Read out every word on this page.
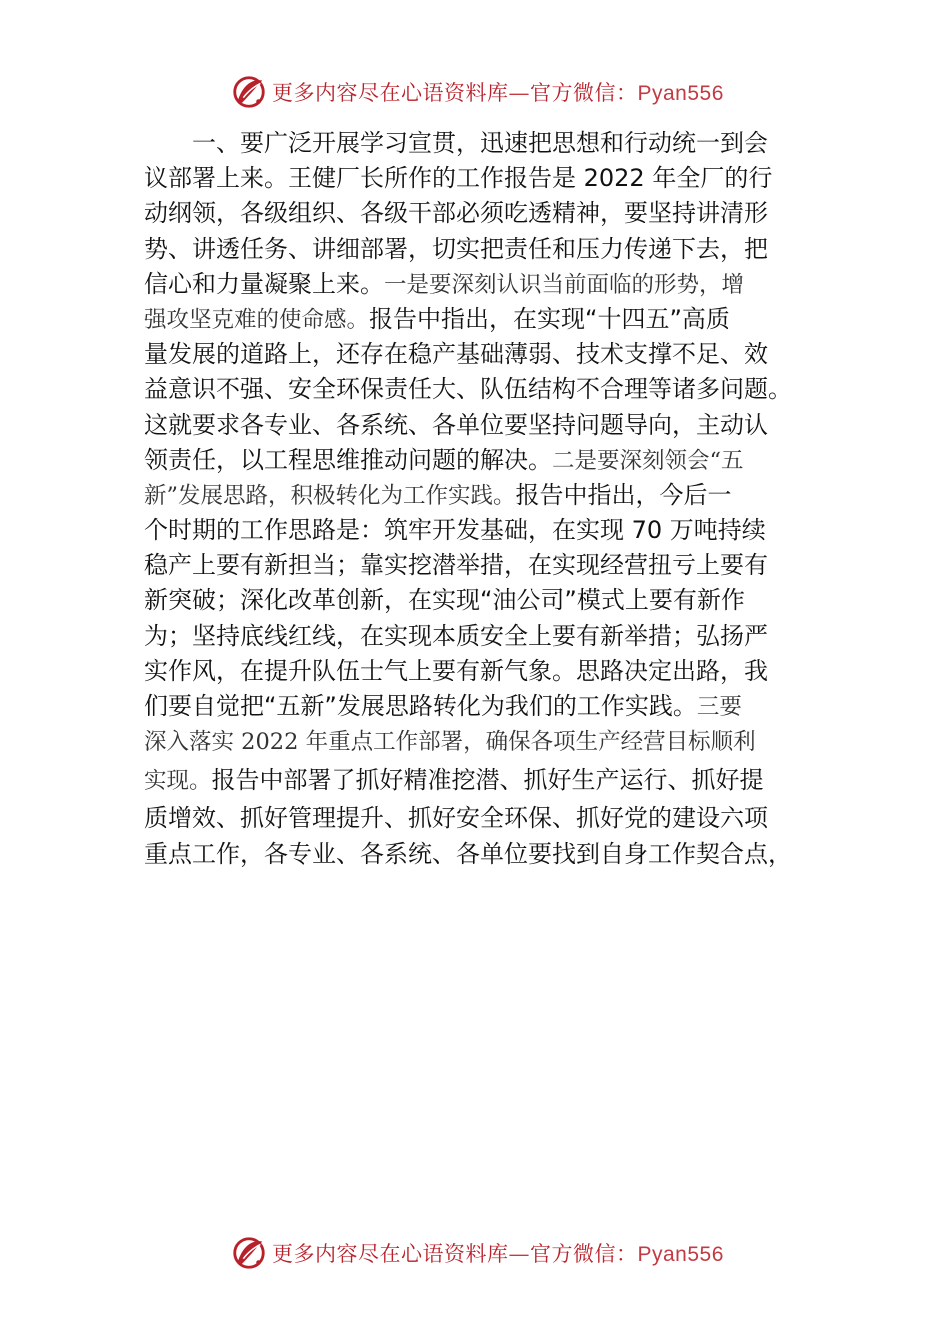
更多内容尽在心语资料库—官方微信：Pyan556
一、要广泛开展学习宣贯，迅速把思想和行动统一到会
议部署上来。王健厂长所作的工作报告是 2022 年全厂的行
动纲领，各级组织、各级干部必须吃透精神，要坚持讲清形
势、讲透任务、讲细部署，切实把责任和压力传递下去，把
信心和力量凝聚上来。一是要深刻认识当前面临的形势，增
强攻坚克难的使命感。报告中指出，在实现“十四五”高质
量发展的道路上，还存在稳产基础薄弱、技术支撑不足、效
益意识不强、安全环保责任大、队伍结构不合理等诸多问题。
这就要求各专业、各系统、各单位要坚持问题导向，主动认
领责任，以工程思维推动问题的解决。二是要深刻领会“五
新”发展思路，积极转化为工作实践。报告中指出，今后一
个时期的工作思路是：筑牢开发基础，在实现 70 万吨持续
稳产上要有新担当；靠实挖潜举措，在实现经营扭亏上要有
新突破；深化改革创新，在实现“油公司”模式上要有新作
为；坚持底线红线，在实现本质安全上要有新举措；弘扬严
实作风，在提升队伍士气上要有新气象。思路决定出路，我
们要自觉把“五新”发展思路转化为我们的工作实践。三要
深入落实 2022 年重点工作部署，确保各项生产经营目标顺利
实现。报告中部署了抓好精准挖潜、抓好生产运行、抓好提
质增效、抓好管理提升、抓好安全环保、抓好党的建设六项
重点工作，各专业、各系统、各单位要找到自身工作契合点，
更多内容尽在心语资料库—官方微信：Pyan556
